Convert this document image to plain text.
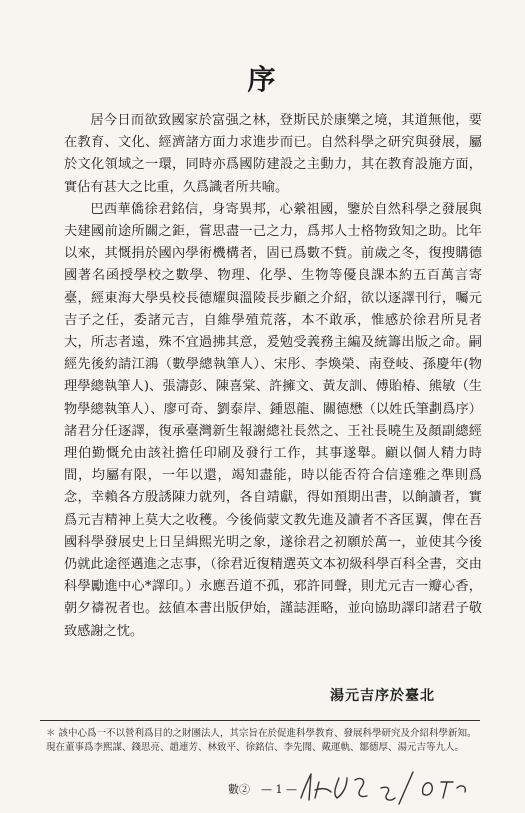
序

居今日而欲致國家於富强之林，登斯民於康樂之境，其道無他，要在教育、文化、經濟諸方面力求進步而已。自然科學之研究與發展，屬於文化領域之一環，同時亦爲國防建設之主動力，其在教育設施方面，實佔有甚大之比重，久爲識者所共喻。

巴西華僑徐君銘信，身寄異邦，心縈祖國，鑒於自然科學之發展與夫建國前途所關之鉅，嘗思盡一己之力，爲邦人士格物致知之助。比年以來，其慨捐於國內學術機構者，固已爲數不貲。前歲之冬，復搜購德國著名函授學校之數學、物理、化學、生物等優良課本約五百萬言寄臺，經東海大學吳校長德耀與溫陵長步顧之介紹，欲以逐譯刊行，囑元吉子之任，委諸元吉，自維學殖荒落，本不敢承，惟感於徐君所見者大，所志者遠，殊不宜過拂其意，爰勉受義務主編及統籌出版之命。嗣經先後約請江鴻（數學總執筆人）、宋彤、李煥榮、南登岐、孫慶年(物理學總執筆人)、張濤彭、陳喜棠、許擁文、黃友訓、傅貽椿、熊敏（生物學總執筆人）、廖可奇、劉泰岸、鍾恩龍、關德懋（以姓氏筆劃爲序）諸君分任逐譯，復承臺灣新生報謝總社長然之、王社長曉生及顏副總經理伯勤慨允由該社擔任印刷及發行工作，其事遂舉。顧以個人精力時間，均屬有限，一年以還，竭知盡能，時以能否符合信達雅之準則爲念，幸賴各方殷誘陳力就列，各自靖獻，得如預期出書，以餉讀者，實爲元吉精神上莫大之收穫。今後倘蒙文教先進及讀者不吝匡翼，俾在吾國科學發展史上日呈緝熙光明之象，遂徐君之初願於萬一，並使其今後仍就此途徑邁進之志事，（徐君近復精選英文本初級科學百科全書，交由科學勵進中心*譯印。）永應吾道不孤，邪許同聲，則尤元吉一瓣心香，朝夕禱祝者也。玆値本書出版伊始，謹誌涯略，並向協助譯印諸君子敬致感謝之忱。

湯元吉序於臺北
＊ 該中心爲一不以營利爲目的之財團法人，其宗旨在於促進科學教育、發展科學研究及介紹科學新知。現在董事爲李熙謀、錢思亮、趙連芳、林致平、徐銘信、李先聞、戴運軌、鄒德厚、湯元吉等九人。
數②　— 1 —
